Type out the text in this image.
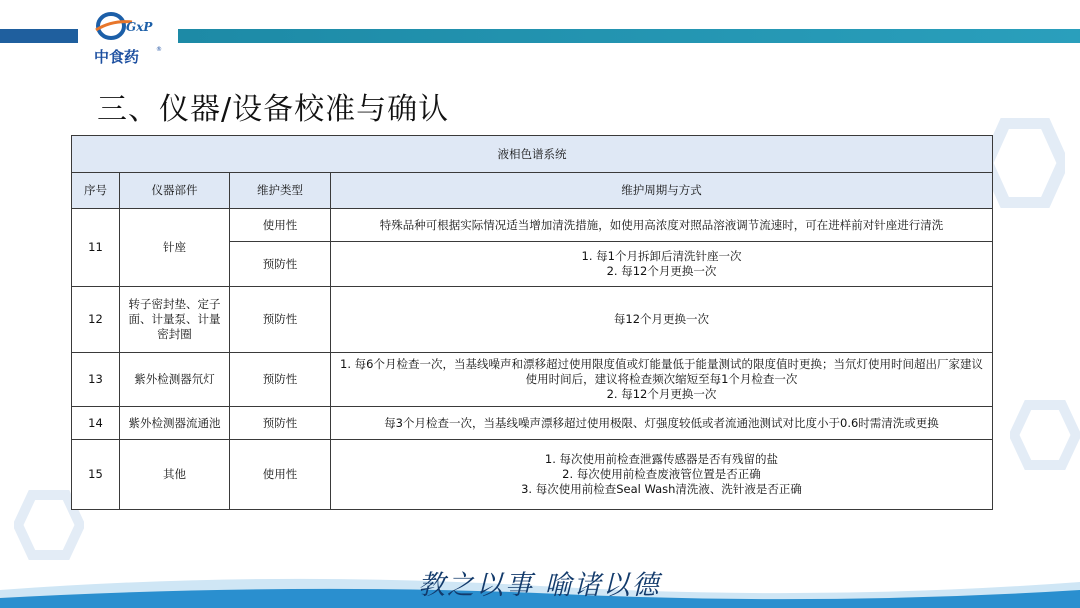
GxP
中食药	®
三、仪器/设备校准与确认
液相色谱系统			
序号	仪器部件	维护类型	维护周期与方式
11	针座	使用性	特殊品种可根据实际情况适当增加清洗措施，如使用高浓度对照品溶液调节流速时，可在进样前对针座进行清洗

		预防性	1. 每1个月拆卸后清洗针座一次
2. 每12个月更换一次

12	转子密封垫、定子面、计量泵、计量密封圈	预防性	每12个月更换一次

13	紫外检测器氘灯	预防性	1. 每6个月检查一次，当基线噪声和漂移超过使用限度值或灯能量低于能量测试的限度值时更换；当氘灯使用时间超出厂家建议使用时间后，建议将检查频次缩短至每1个月检查一次
2. 每12个月更换一次

14	紫外检测器流通池	预防性	每3个月检查一次，当基线噪声漂移超过使用极限、灯强度较低或者流通池测试对比度小于0.6时需清洗或更换

15	其他	使用性	1. 每次使用前检查泄露传感器是否有残留的盐
2. 每次使用前检查废液管位置是否正确
3. 每次使用前检查Seal Wash清洗液、洗针液是否正确
教之以事 喻诸以德
